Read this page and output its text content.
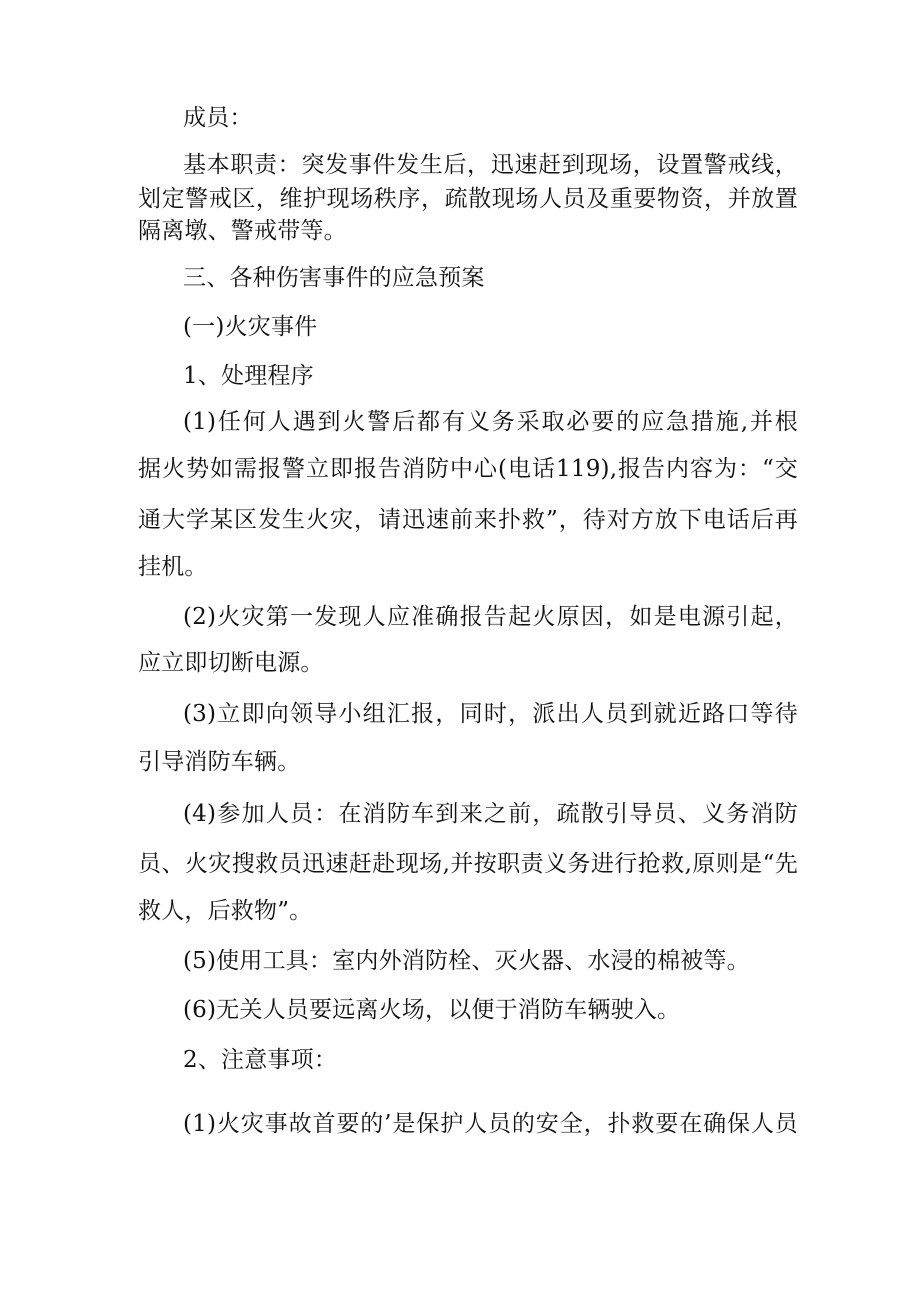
成员：
基本职责：突发事件发生后，迅速赶到现场，设置警戒线，
划定警戒区，维护现场秩序，疏散现场人员及重要物资，并放置
隔离墩、警戒带等。
三、各种伤害事件的应急预案
(一)火灾事件
1、处理程序
(1)任何人遇到火警后都有义务采取必要的应急措施,并根
据火势如需报警立即报告消防中心(电话119),报告内容为：“交
通大学某区发生火灾，请迅速前来扑救”，待对方放下电话后再
挂机。
(2)火灾第一发现人应准确报告起火原因，如是电源引起，
应立即切断电源。
(3)立即向领导小组汇报，同时，派出人员到就近路口等待
引导消防车辆。
(4)参加人员：在消防车到来之前，疏散引导员、义务消防
员、火灾搜救员迅速赶赴现场,并按职责义务进行抢救,原则是“先
救人，后救物”。
(5)使用工具：室内外消防栓、灭火器、水浸的棉被等。
(6)无关人员要远离火场，以便于消防车辆驶入。
2、注意事项：
(1)火灾事故首要的’是保护人员的安全，扑救要在确保人员
